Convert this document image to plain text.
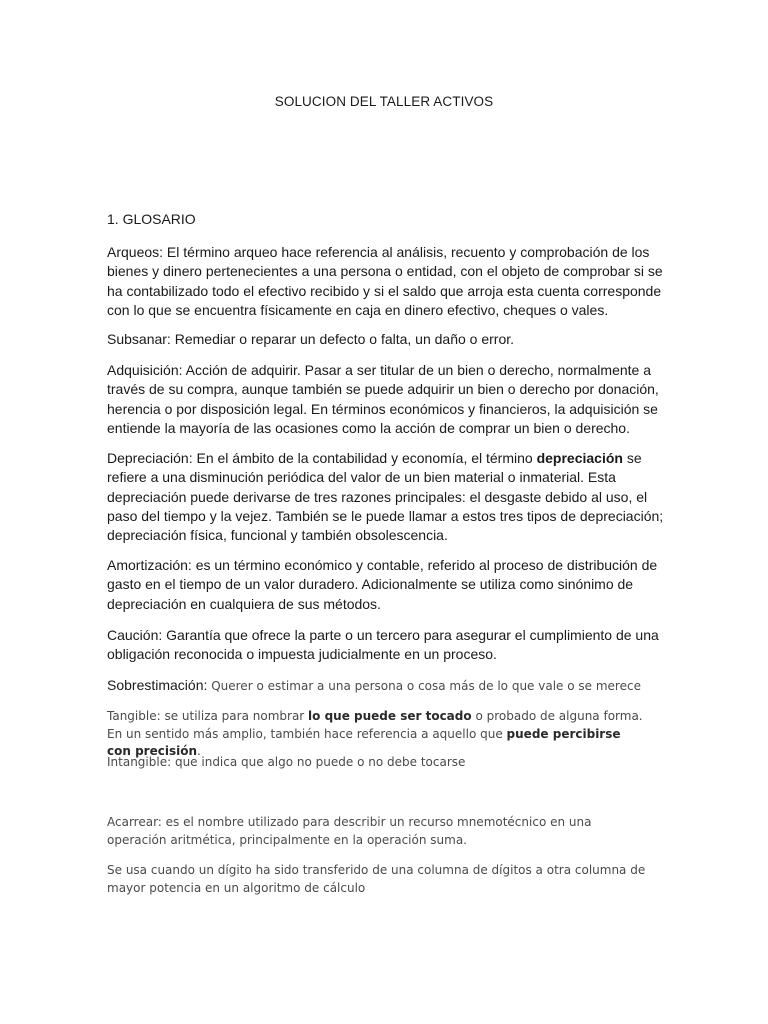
SOLUCION DEL TALLER ACTIVOS

1. GLOSARIO

Arqueos: El término arqueo hace referencia al análisis, recuento y comprobación de los bienes y dinero pertenecientes a una persona o entidad, con el objeto de comprobar si se ha contabilizado todo el efectivo recibido y si el saldo que arroja esta cuenta corresponde con lo que se encuentra físicamente en caja en dinero efectivo, cheques o vales.

Subsanar: Remediar o reparar un defecto o falta, un daño o error.

Adquisición: Acción de adquirir. Pasar a ser titular de un bien o derecho, normalmente a través de su compra, aunque también se puede adquirir un bien o derecho por donación, herencia o por disposición legal. En términos económicos y financieros, la adquisición se entiende la mayoría de las ocasiones como la acción de comprar un bien o derecho.

Depreciación: En el ámbito de la contabilidad y economía, el término depreciación se refiere a una disminución periódica del valor de un bien material o inmaterial. Esta depreciación puede derivarse de tres razones principales: el desgaste debido al uso, el paso del tiempo y la vejez. También se le puede llamar a estos tres tipos de depreciación; depreciación física, funcional y también obsolescencia.

Amortización: es un término económico y contable, referido al proceso de distribución de gasto en el tiempo de un valor duradero. Adicionalmente se utiliza como sinónimo de depreciación en cualquiera de sus métodos.

Caución: Garantía que ofrece la parte o un tercero para asegurar el cumplimiento de una obligación reconocida o impuesta judicialmente en un proceso.

Sobrestimación: Querer o estimar a una persona o cosa más de lo que vale o se merece

Tangible: se utiliza para nombrar lo que puede ser tocado o probado de alguna forma. En un sentido más amplio, también hace referencia a aquello que puede percibirse con precisión.

Intangible: que indica que algo no puede o no debe tocarse

Acarrear: es el nombre utilizado para describir un recurso mnemotécnico en una operación aritmética, principalmente en la operación suma.

Se usa cuando un dígito ha sido transferido de una columna de dígitos a otra columna de mayor potencia en un algoritmo de cálculo
